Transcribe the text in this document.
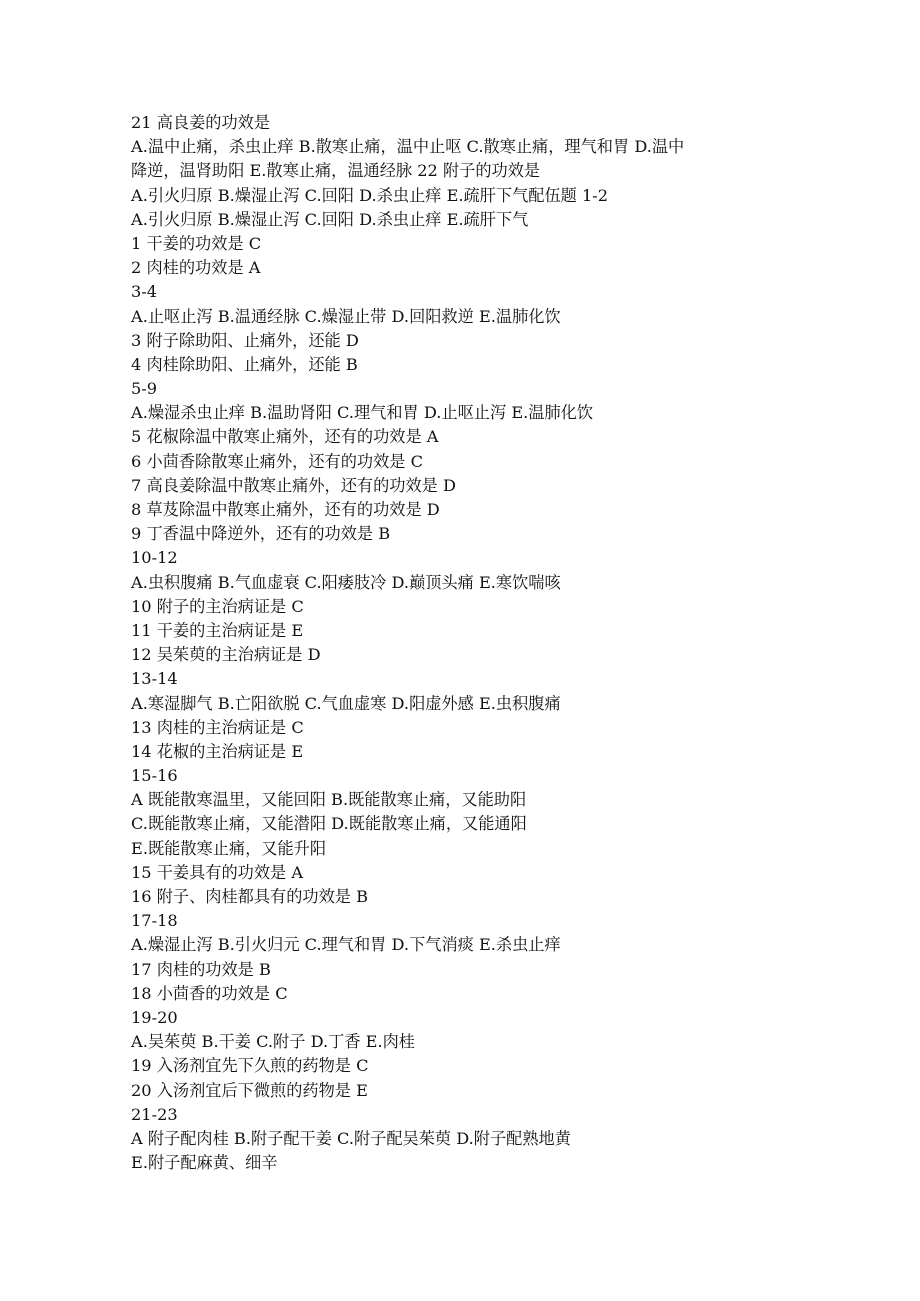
21 高良姜的功效是
A.温中止痛，杀虫止痒 B.散寒止痛，温中止呕 C.散寒止痛，理气和胃 D.温中
降逆，温肾助阳 E.散寒止痛，温通经脉 22 附子的功效是
A.引火归原 B.燥湿止泻 C.回阳 D.杀虫止痒 E.疏肝下气配伍题 1-2
A.引火归原 B.燥湿止泻 C.回阳 D.杀虫止痒 E.疏肝下气
1 干姜的功效是 C
2 肉桂的功效是 A
3-4
A.止呕止泻 B.温通经脉 C.燥湿止带 D.回阳救逆 E.温肺化饮
3 附子除助阳、止痛外，还能 D
4 肉桂除助阳、止痛外，还能 B
5-9
A.燥湿杀虫止痒 B.温助肾阳 C.理气和胃 D.止呕止泻 E.温肺化饮
5 花椒除温中散寒止痛外，还有的功效是 A
6 小茴香除散寒止痛外，还有的功效是 C
7 高良姜除温中散寒止痛外，还有的功效是 D
8 草芨除温中散寒止痛外，还有的功效是 D
9 丁香温中降逆外，还有的功效是 B
10-12
A.虫积腹痛 B.气血虚衰 C.阳痿肢冷 D.巅顶头痛 E.寒饮喘咳
10 附子的主治病证是 C
11 干姜的主治病证是 E
12 吴茱萸的主治病证是 D
13-14
A.寒湿脚气 B.亡阳欲脱 C.气血虚寒 D.阳虚外感 E.虫积腹痛
13 肉桂的主治病证是 C
14 花椒的主治病证是 E
15-16
A 既能散寒温里，又能回阳 B.既能散寒止痛，又能助阳
C.既能散寒止痛，又能潜阳 D.既能散寒止痛，又能通阳
E.既能散寒止痛，又能升阳
15 干姜具有的功效是 A
16 附子、肉桂都具有的功效是 B
17-18
A.燥湿止泻 B.引火归元 C.理气和胃 D.下气消痰 E.杀虫止痒
17 肉桂的功效是 B
18 小茴香的功效是 C
19-20
A.吴茱萸 B.干姜 C.附子 D.丁香 E.肉桂
19 入汤剂宜先下久煎的药物是 C
20 入汤剂宜后下微煎的药物是 E
21-23
A 附子配肉桂 B.附子配干姜 C.附子配吴茱萸 D.附子配熟地黄
E.附子配麻黄、细辛
